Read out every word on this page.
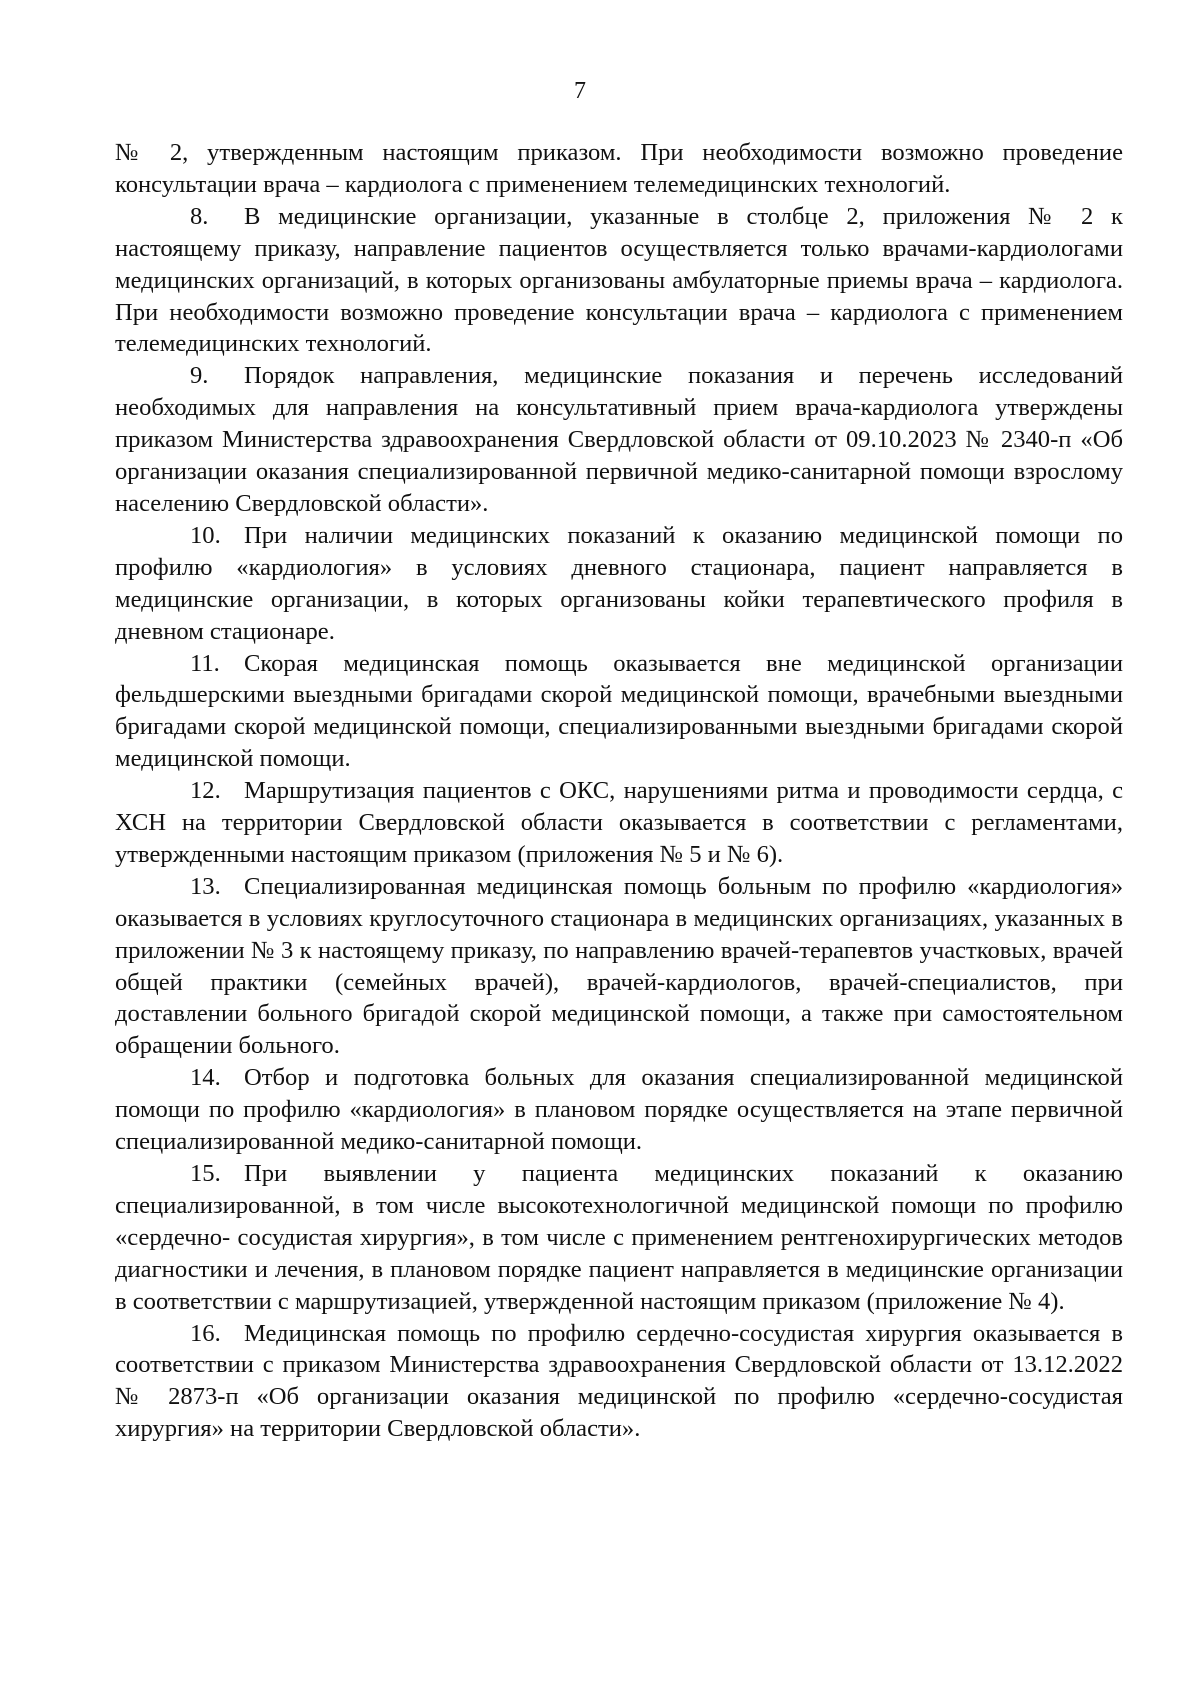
7

№ 2, утвержденным настоящим приказом. При необходимости возможно проведение консультации врача – кардиолога с применением телемедицинских технологий.

8. В медицинские организации, указанные в столбце 2, приложения № 2 к настоящему приказу, направление пациентов осуществляется только врачами-кардиологами медицинских организаций, в которых организованы амбулаторные приемы врача – кардиолога. При необходимости возможно проведение консультации врача – кардиолога с применением телемедицинских технологий.

9. Порядок направления, медицинские показания и перечень исследований необходимых для направления на консультативный прием врача-кардиолога утверждены приказом Министерства здравоохранения Свердловской области от 09.10.2023 № 2340-п «Об организации оказания специализированной первичной медико-санитарной помощи взрослому населению Свердловской области».

10. При наличии медицинских показаний к оказанию медицинской помощи по профилю «кардиология» в условиях дневного стационара, пациент направляется в медицинские организации, в которых организованы койки терапевтического профиля в дневном стационаре.

11. Скорая медицинская помощь оказывается вне медицинской организации фельдшерскими выездными бригадами скорой медицинской помощи, врачебными выездными бригадами скорой медицинской помощи, специализированными выездными бригадами скорой медицинской помощи.

12. Маршрутизация пациентов с ОКС, нарушениями ритма и проводимости сердца, с ХСН на территории Свердловской области оказывается в соответствии с регламентами, утвержденными настоящим приказом (приложения № 5 и № 6).

13. Специализированная медицинская помощь больным по профилю «кардиология» оказывается в условиях круглосуточного стационара в медицинских организациях, указанных в приложении № 3 к настоящему приказу, по направлению врачей-терапевтов участковых, врачей общей практики (семейных врачей), врачей-кардиологов, врачей-специалистов, при доставлении больного бригадой скорой медицинской помощи, а также при самостоятельном обращении больного.

14. Отбор и подготовка больных для оказания специализированной медицинской помощи по профилю «кардиология» в плановом порядке осуществляется на этапе первичной специализированной медико-санитарной помощи.

15. При выявлении у пациента медицинских показаний к оказанию специализированной, в том числе высокотехнологичной медицинской помощи по профилю «сердечно- сосудистая хирургия», в том числе с применением рентгенохирургических методов диагностики и лечения, в плановом порядке пациент направляется в медицинские организации в соответствии с маршрутизацией, утвержденной настоящим приказом (приложение № 4).

16. Медицинская помощь по профилю сердечно-сосудистая хирургия оказывается в соответствии с приказом Министерства здравоохранения Свердловской области от 13.12.2022 № 2873-п «Об организации оказания медицинской по профилю «сердечно-сосудистая хирургия» на территории Свердловской области».
